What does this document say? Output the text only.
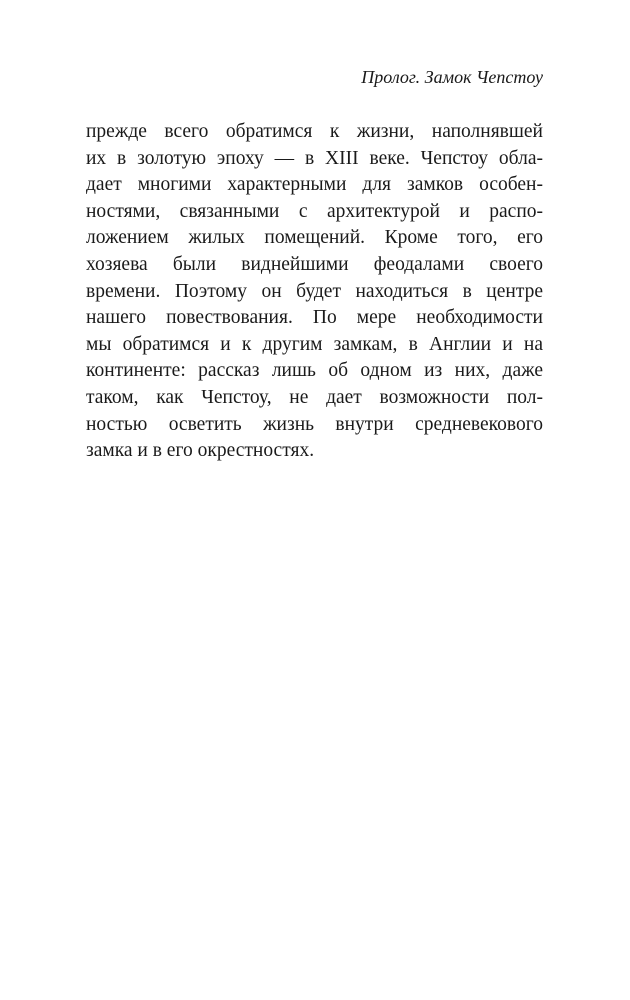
Пролог. Замок Чепстоу
прежде всего обратимся к жизни, наполнявшей
их в золотую эпоху — в XIII веке. Чепстоу обла-
дает многими характерными для замков особен-
ностями, связанными с архитектурой и распо-
ложением жилых помещений. Кроме того, его
хозяева были виднейшими феодалами своего
времени. Поэтому он будет находиться в центре
нашего повествования. По мере необходимости
мы обратимся и к другим замкам, в Англии и на
континенте: рассказ лишь об одном из них, даже
таком, как Чепстоу, не дает возможности пол-
ностью осветить жизнь внутри средневекового
замка и в его окрестностях.
